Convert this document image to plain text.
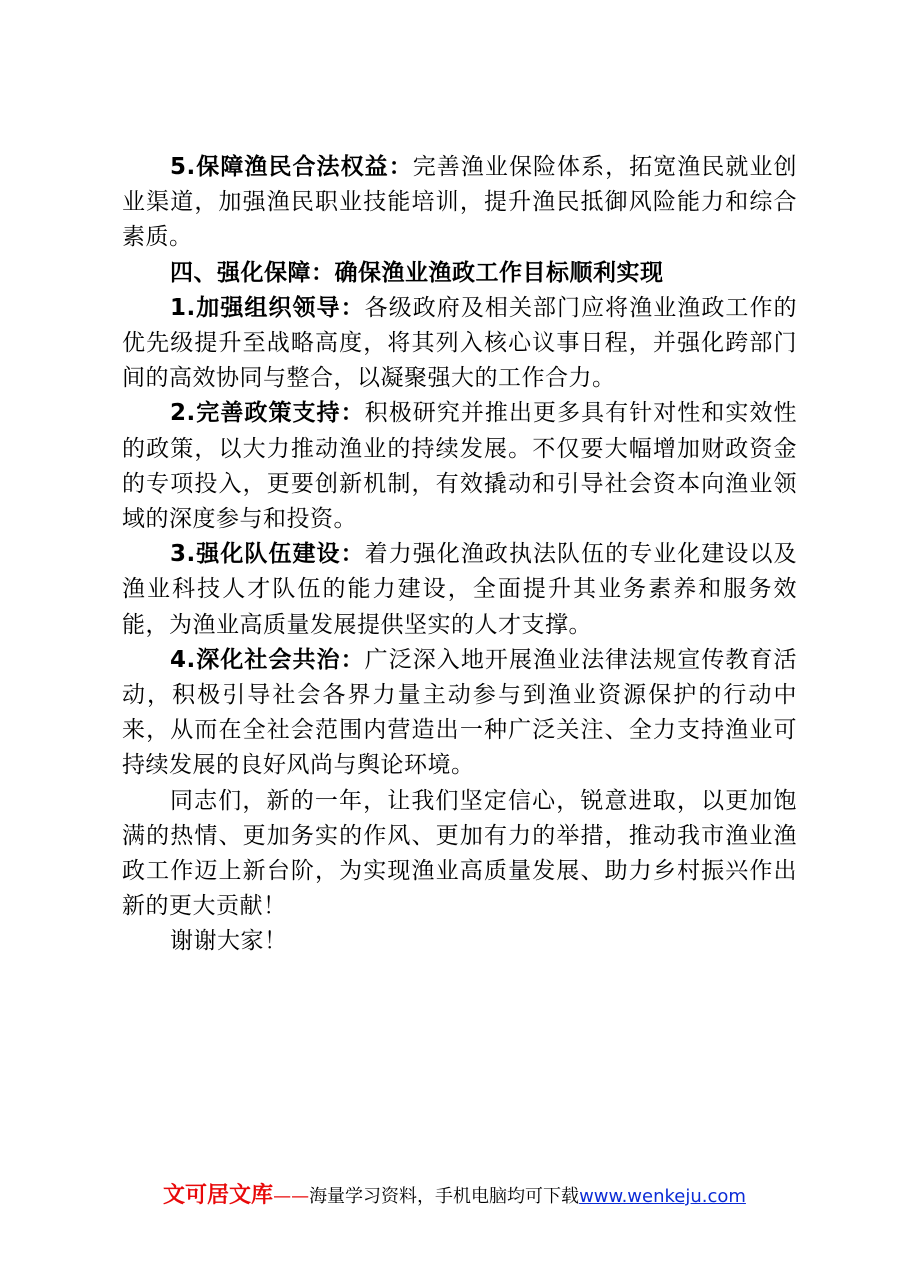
5.保障渔民合法权益：完善渔业保险体系，拓宽渔民就业创业渠道，加强渔民职业技能培训，提升渔民抵御风险能力和综合素质。

四、强化保障：确保渔业渔政工作目标顺利实现

1.加强组织领导：各级政府及相关部门应将渔业渔政工作的优先级提升至战略高度，将其列入核心议事日程，并强化跨部门间的高效协同与整合，以凝聚强大的工作合力。

2.完善政策支持：积极研究并推出更多具有针对性和实效性的政策，以大力推动渔业的持续发展。不仅要大幅增加财政资金的专项投入，更要创新机制，有效撬动和引导社会资本向渔业领域的深度参与和投资。

3.强化队伍建设：着力强化渔政执法队伍的专业化建设以及渔业科技人才队伍的能力建设，全面提升其业务素养和服务效能，为渔业高质量发展提供坚实的人才支撑。

4.深化社会共治：广泛深入地开展渔业法律法规宣传教育活动，积极引导社会各界力量主动参与到渔业资源保护的行动中来，从而在全社会范围内营造出一种广泛关注、全力支持渔业可持续发展的良好风尚与舆论环境。

同志们，新的一年，让我们坚定信心，锐意进取，以更加饱满的热情、更加务实的作风、更加有力的举措，推动我市渔业渔政工作迈上新台阶，为实现渔业高质量发展、助力乡村振兴作出新的更大贡献！

谢谢大家！

文可居文库——海量学习资料，手机电脑均可下载www.wenkeju.com
